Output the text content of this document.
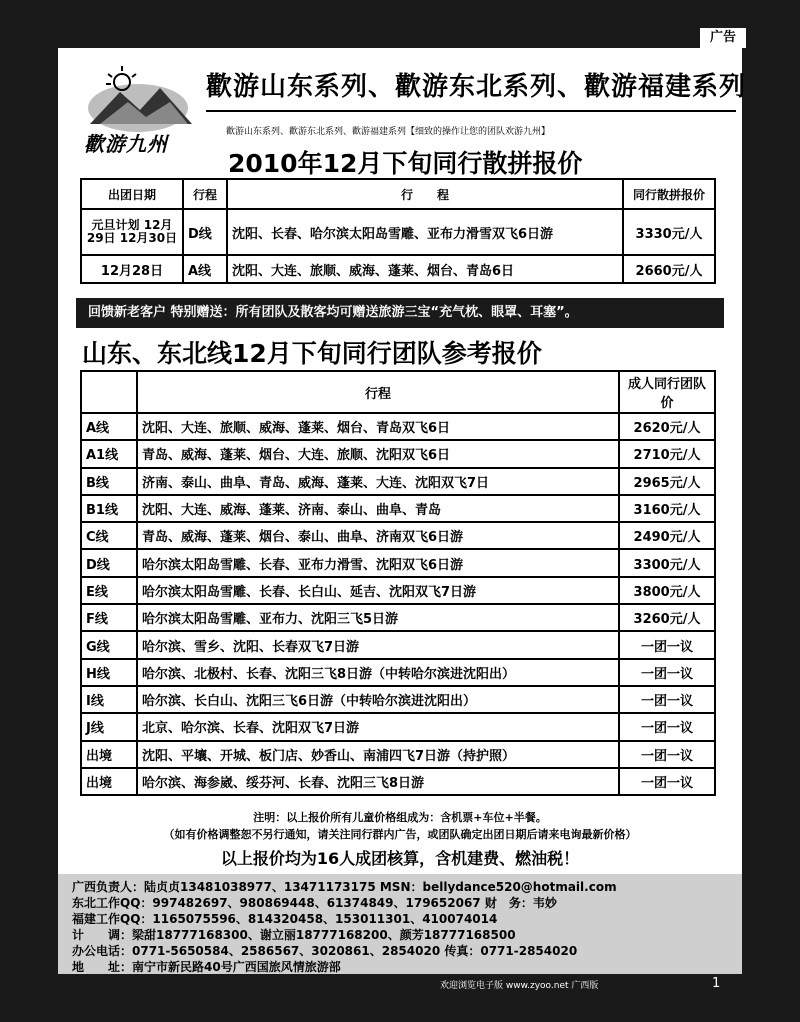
广告
歡游九州
歡游山东系列、歡游东北系列、歡游福建系列
歡游山东系列、歡游东北系列、歡游福建系列【细致的操作让您的团队欢游九州】
2010年12月下旬同行散拼报价
出团日期	行程	行　　程	同行散拼报价
元旦计划 12月29日 12月30日	D线	沈阳、长春、哈尔滨太阳岛雪雕、亚布力滑雪双飞6日游	3330元/人
12月28日	A线	沈阳、大连、旅顺、威海、蓬莱、烟台、青岛6日	2660元/人
回馈新老客户 特别赠送：所有团队及散客均可赠送旅游三宝“充气枕、眼罩、耳塞”。
山东、东北线12月下旬同行团队参考报价
	行程	成人同行团队价
A线	沈阳、大连、旅顺、威海、蓬莱、烟台、青岛双飞6日	2620元/人
A1线	青岛、威海、蓬莱、烟台、大连、旅顺、沈阳双飞6日	2710元/人
B线	济南、泰山、曲阜、青岛、威海、蓬莱、大连、沈阳双飞7日	2965元/人
B1线	沈阳、大连、威海、蓬莱、济南、泰山、曲阜、青岛	3160元/人
C线	青岛、威海、蓬莱、烟台、泰山、曲阜、济南双飞6日游	2490元/人
D线	哈尔滨太阳岛雪雕、长春、亚布力滑雪、沈阳双飞6日游	3300元/人
E线	哈尔滨太阳岛雪雕、长春、长白山、延吉、沈阳双飞7日游	3800元/人
F线	哈尔滨太阳岛雪雕、亚布力、沈阳三飞5日游	3260元/人
G线	哈尔滨、雪乡、沈阳、长春双飞7日游	一团一议
H线	哈尔滨、北极村、长春、沈阳三飞8日游（中转哈尔滨进沈阳出）	一团一议
I线	哈尔滨、长白山、沈阳三飞6日游（中转哈尔滨进沈阳出）	一团一议
J线	北京、哈尔滨、长春、沈阳双飞7日游	一团一议
出境	沈阳、平壤、开城、板门店、妙香山、南浦四飞7日游（持护照）	一团一议
出境	哈尔滨、海参崴、绥芬河、长春、沈阳三飞8日游	一团一议
注明：以上报价所有儿童价格组成为：含机票+车位+半餐。
（如有价格调整恕不另行通知，请关注同行群内广告，或团队确定出团日期后请来电询最新价格）
以上报价均为16人成团核算，含机建费、燃油税！
广西负责人：陆贞贞13481038977、13471173175 MSN：bellydance520@hotmail.com
东北工作QQ：997482697、980869448、61374849、179652067 财　务：韦妙
福建工作QQ：1165075596、814320458、153011301、410074014
计　　调：梁甜18777168300、谢立丽18777168200、颜芳18777168500
办公电话：0771-5650584、2586567、3020861、2854020 传真：0771-2854020
地　　址：南宁市新民路40号广西国旅风情旅游部
欢迎浏览电子版 www.zyoo.net 广西版	1
